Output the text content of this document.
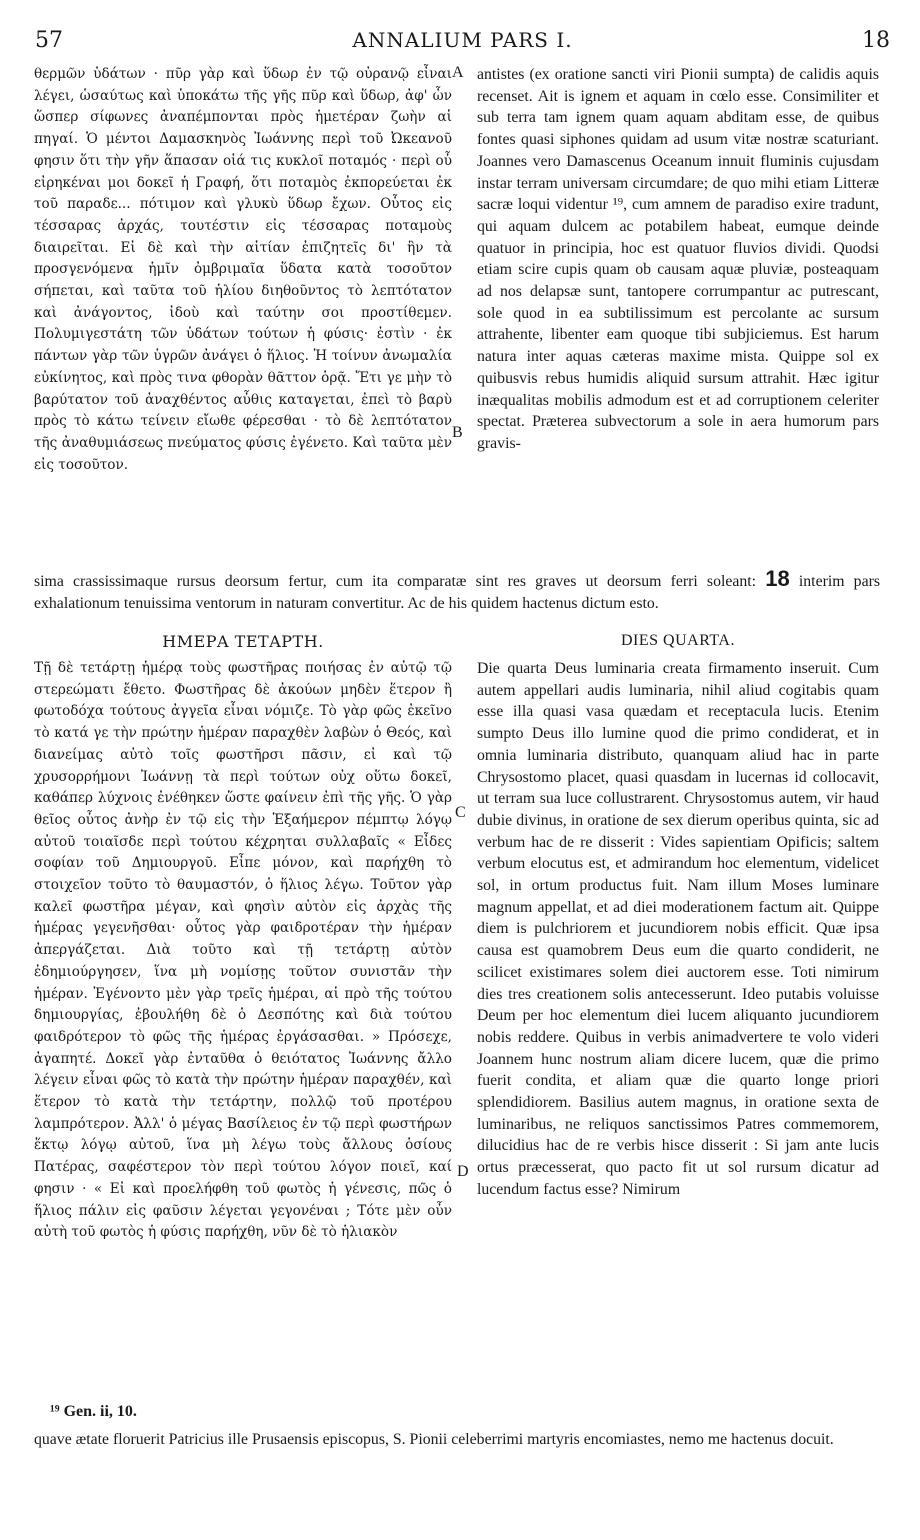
57	ANNALIUM PARS I.	18
A
B
C
D

θερμῶν ὑδάτων · πῦρ γὰρ καὶ ὕδωρ ἐν τῷ οὐρανῷ εἶναι λέγει, ὡσαύτως καὶ ὑποκάτω τῆς γῆς πῦρ καὶ ὕδωρ, ἀφ' ὧν ὥσπερ σίφωνες ἀναπέμπονται πρὸς ἡμετέραν ζωὴν αἱ πηγαί. Ὁ μέντοι Δαμασκηνὸς Ἰωάννης περὶ τοῦ Ὠκεανοῦ φησιν ὅτι τὴν γῆν ἅπασαν οἱά τις κυκλοῖ ποταμός · περὶ οὗ εἰρηκέναι μοι δοκεῖ ἡ Γραφή, ὅτι ποταμὸς ἐκπορεύεται ἐκ τοῦ παραδε... πότιμον καὶ γλυκὺ ὕδωρ ἔχων. Οὗτος εἰς τέσσαρας ἀρχάς, τουτέστιν εἰς τέσσαρας ποταμοὺς διαιρεῖται. Εἰ δὲ καὶ τὴν αἰτίαν ἐπιζητεῖς δι' ἣν τὰ προσγενόμενα ἡμῖν ὀμβριμαῖα ὕδατα κατὰ τοσοῦτον σήπεται, καὶ ταῦτα τοῦ ἡλίου διηθοῦντος τὸ λεπτότατον καὶ ἀνάγοντος, ἰδοὺ καὶ ταύτην σοι προστίθεμεν. Πολυμιγεστάτη τῶν ὑδάτων τούτων ἡ φύσις· ἐστὶν · ἐκ πάντων γὰρ τῶν ὑγρῶν ἀνάγει ὁ ἥλιος. Ἡ τοίνυν ἀνωμαλία εὐκίνητος, καὶ πρὸς τινα φθορὰν θᾶττον ὁρᾷ. Ἔτι γε μὴν τὸ βαρύτατον τοῦ ἀναχθέντος αὖθις καταγεται, ἐπεὶ τὸ βαρὺ πρὸς τὸ κάτω τείνειν εἴωθε φέρεσθαι · τὸ δὲ λεπτότατον τῆς ἀναθυμιάσεως πνεύματος φύσις ἐγένετο. Καὶ ταῦτα μὲν εἰς τοσοῦτον.

antistes (ex oratione sancti viri Pionii sumpta) de calidis aquis recenset. Ait is ignem et aquam in cœlo esse. Consimiliter et sub terra tam ignem quam aquam abditam esse, de quibus fontes quasi siphones quidam ad usum vitæ nostræ scaturiant. Joannes vero Damascenus Oceanum innuit fluminis cujusdam instar terram universam circumdare; de quo mihi etiam Litteræ sacræ loqui videntur ¹⁹, cum amnem de paradiso exire tradunt, qui aquam dulcem ac potabilem habeat, eumque deinde quatuor in principia, hoc est quatuor fluvios dividi. Quodsi etiam scire cupis quam ob causam aquæ pluviæ, posteaquam ad nos delapsæ sunt, tantopere corrumpantur ac putrescant, sole quod in ea subtilissimum est percolante ac sursum attrahente, libenter eam quoque tibi subjiciemus. Est harum natura inter aquas cæteras maxime mista. Quippe sol ex quibusvis rebus humidis aliquid sursum attrahit. Hæc igitur inæqualitas mobilis admodum est et ad corruptionem celeriter spectat. Præterea subvectorum a sole in aera humorum pars gravis-

sima crassissimaque rursus deorsum fertur, cum ita comparatæ sint res graves ut deorsum ferri soleant: 18 interim pars exhalationum tenuissima ventorum in naturam convertitur. Ac de his quidem hactenus dictum esto.
ΗΜΕΡΑ ΤΕΤΑΡΤΗ.	DIES QUARTA.

Τῇ δὲ τετάρτῃ ἡμέρᾳ τοὺς φωστῆρας ποιήσας ἐν αὐτῷ τῷ στερεώματι ἔθετο. Φωστῆρας δὲ ἀκούων μηδὲν ἕτερον ἢ φωτοδόχα τούτους ἀγγεῖα εἶναι νόμιζε. Τὸ γὰρ φῶς ἐκεῖνο τὸ κατά γε τὴν πρώτην ἡμέραν παραχθὲν λαβὼν ὁ Θεός, καὶ διανείμας αὐτὸ τοῖς φωστῆρσι πᾶσιν, εἰ καὶ τῷ χρυσορρήμονι Ἰωάννῃ τὰ περὶ τούτων οὐχ οὕτω δοκεῖ, καθάπερ λύχνοις ἐνέθηκεν ὥστε φαίνειν ἐπὶ τῆς γῆς. Ὁ γὰρ θεῖος οὗτος ἀνὴρ ἐν τῷ εἰς τὴν Ἑξαήμερον πέμπτῳ λόγῳ αὐτοῦ τοιαῖσδε περὶ τούτου κέχρηται συλλαβαῖς « Εἶδες σοφίαν τοῦ Δημιουργοῦ. Εἶπε μόνον, καὶ παρήχθη τὸ στοιχεῖον τοῦτο τὸ θαυμαστόν, ὁ ἥλιος λέγω. Τοῦτον γὰρ καλεῖ φωστῆρα μέγαν, καὶ φησὶν αὐτὸν εἰς ἀρχὰς τῆς ἡμέρας γεγενῆσθαι· οὗτος γὰρ φαιδροτέραν τὴν ἡμέραν ἀπεργάζεται. Διὰ τοῦτο καὶ τῇ τετάρτῃ αὐτὸν ἐδημιούργησεν, ἵνα μὴ νομίσῃς τοῦτον συνιστᾶν τὴν ἡμέραν. Ἐγένοντο μὲν γὰρ τρεῖς ἡμέραι, αἱ πρὸ τῆς τούτου δημιουργίας, ἐβουλήθη δὲ ὁ Δεσπότης καὶ διὰ τούτου φαιδρότερον τὸ φῶς τῆς ἡμέρας ἐργάσασθαι. » Πρόσεχε, ἀγαπητέ. Δοκεῖ γὰρ ἐνταῦθα ὁ θειότατος Ἰωάννης ἄλλο λέγειν εἶναι φῶς τὸ κατὰ τὴν πρώτην ἡμέραν παραχθέν, καὶ ἕτερον τὸ κατὰ τὴν τετάρτην, πολλῷ τοῦ προτέρου λαμπρότερον. Ἀλλ' ὁ μέγας Βασίλειος ἐν τῷ περὶ φωστήρων ἕκτῳ λόγῳ αὐτοῦ, ἵνα μὴ λέγω τοὺς ἄλλους ὁσίους Πατέρας, σαφέστερον τὸν περὶ τούτου λόγον ποιεῖ, καί φησιν · « Εἰ καὶ προελήφθη τοῦ φωτὸς ἡ γένεσις, πῶς ὁ ἥλιος πάλιν εἰς φαῦσιν λέγεται γεγονέναι ; Τότε μὲν οὖν αὐτὴ τοῦ φωτὸς ἡ φύσις παρήχθη, νῦν δὲ τὸ ἡλιακὸν

Die quarta Deus luminaria creata firmamento inseruit. Cum autem appellari audis luminaria, nihil aliud cogitabis quam esse illa quasi vasa quædam et receptacula lucis. Etenim sumpto Deus illo lumine quod die primo condiderat, et in omnia luminaria distributo, quanquam aliud hac in parte Chrysostomo placet, quasi quasdam in lucernas id collocavit, ut terram sua luce collustrarent. Chrysostomus autem, vir haud dubie divinus, in oratione de sex dierum operibus quinta, sic ad verbum hac de re disserit : Vides sapientiam Opificis; saltem verbum elocutus est, et admirandum hoc elementum, videlicet sol, in ortum productus fuit. Nam illum Moses luminare magnum appellat, et ad diei moderationem factum ait. Quippe diem is pulchriorem et jucundiorem nobis efficit. Quæ ipsa causa est quamobrem Deus eum die quarto condiderit, ne scilicet existimares solem diei auctorem esse. Toti nimirum dies tres creationem solis antecesserunt. Ideo putabis voluisse Deum per hoc elementum diei lucem aliquanto jucundiorem nobis reddere. Quibus in verbis animadvertere te volo videri Joannem hunc nostrum aliam dicere lucem, quæ die primo fuerit condita, et aliam quæ die quarto longe priori splendidiorem. Basilius autem magnus, in oratione sexta de luminaribus, ne reliquos sanctissimos Patres commemorem, dilucidius hac de re verbis hisce disserit : Si jam ante lucis ortus præcesserat, quo pacto fit ut sol rursum dicatur ad lucendum factus esse? Nimirum

¹⁹ Gen. ii, 10.
quave ætate floruerit Patricius ille Prusaensis episcopus, S. Pionii celeberrimi martyris encomiastes, nemo me hactenus docuit.
